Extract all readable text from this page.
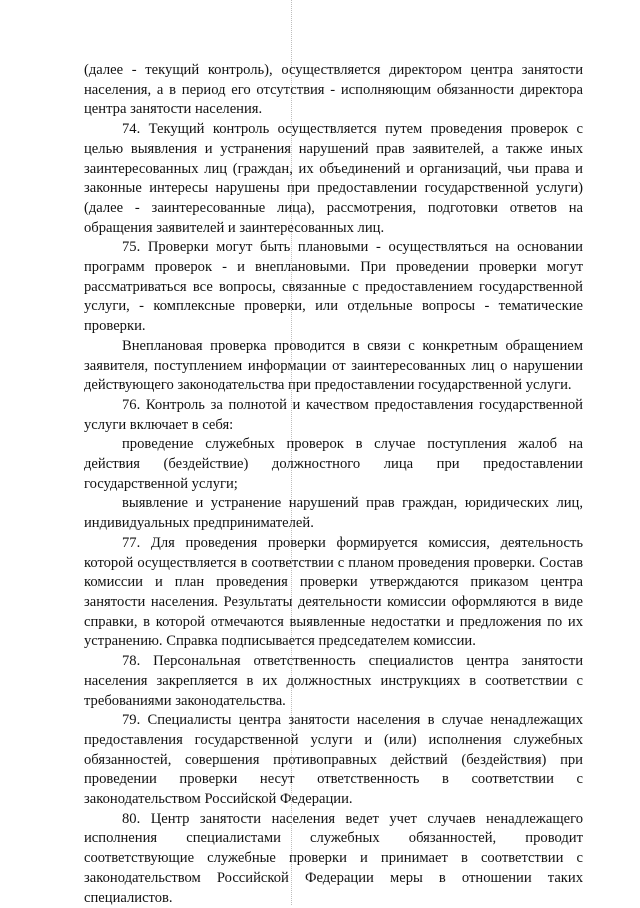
(далее - текущий контроль), осуществляется директором центра занятости населения, а в период его отсутствия - исполняющим обязанности директора центра занятости населения.

74. Текущий контроль осуществляется путем проведения проверок с целью выявления и устранения нарушений прав заявителей, а также иных заинтересованных лиц (граждан, их объединений и организаций, чьи права и законные интересы нарушены при предоставлении государственной услуги) (далее - заинтересованные лица), рассмотрения, подготовки ответов на обращения заявителей и заинтересованных лиц.

75. Проверки могут быть плановыми - осуществляться на основании программ проверок - и внеплановыми. При проведении проверки могут рассматриваться все вопросы, связанные с предоставлением государственной услуги, - комплексные проверки, или отдельные вопросы - тематические проверки.

Внеплановая проверка проводится в связи с конкретным обращением заявителя, поступлением информации от заинтересованных лиц о нарушении действующего законодательства при предоставлении государственной услуги.

76. Контроль за полнотой и качеством предоставления государственной услуги включает в себя:

проведение служебных проверок в случае поступления жалоб на действия (бездействие) должностного лица при предоставлении государственной услуги;

выявление и устранение нарушений прав граждан, юридических лиц, индивидуальных предпринимателей.

77. Для проведения проверки формируется комиссия, деятельность которой осуществляется в соответствии с планом проведения проверки. Состав комиссии и план проведения проверки утверждаются приказом центра занятости населения. Результаты деятельности комиссии оформляются в виде справки, в которой отмечаются выявленные недостатки и предложения по их устранению. Справка подписывается председателем комиссии.

78. Персональная ответственность специалистов центра занятости населения закрепляется в их должностных инструкциях в соответствии с требованиями законодательства.

79. Специалисты центра занятости населения в случае ненадлежащих предоставления государственной услуги и (или) исполнения служебных обязанностей, совершения противоправных действий (бездействия) при проведении проверки несут ответственность в соответствии с законодательством Российской Федерации.

80. Центр занятости населения ведет учет случаев ненадлежащего исполнения специалистами служебных обязанностей, проводит соответствующие служебные проверки и принимает в соответствии с законодательством Российской Федерации меры в отношении таких специалистов.
